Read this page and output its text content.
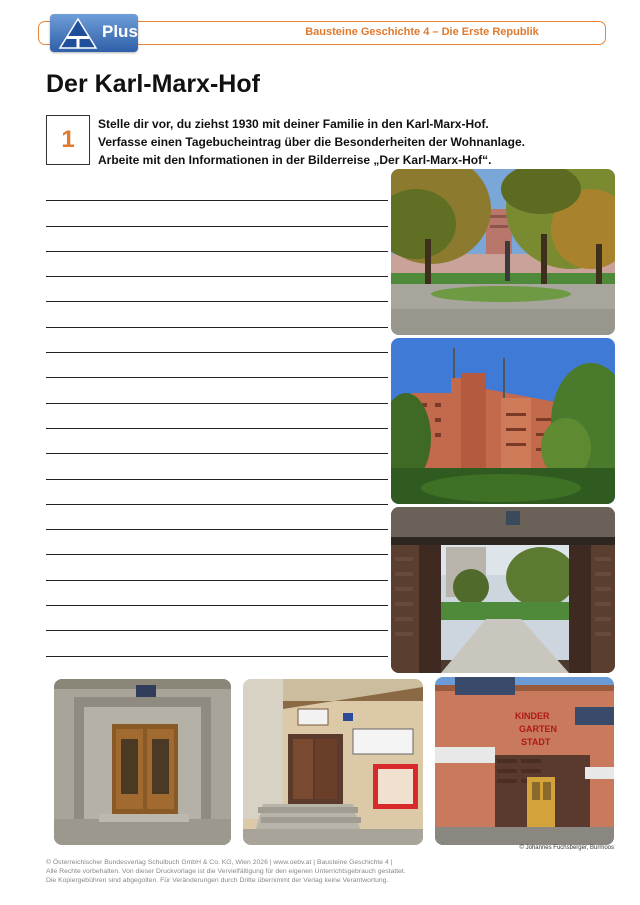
Bausteine Geschichte 4 – Die Erste Republik
Plus
Der Karl-Marx-Hof
1
Stelle dir vor, du ziehst 1930 mit deiner Familie in den Karl-Marx-Hof.
Verfasse einen Tagebucheintrag über die Besonderheiten der Wohnanlage.
Arbeite mit den Informationen in der Bilderreise „Der Karl-Marx-Hof“.
KINDER
GARTEN
STADT
© Johannes Fuchsberger, Burmoos
© Österreichischer Bundesverlag Schulbuch GmbH & Co. KG, Wien 2026 | www.oebv.at | Bausteine Geschichte 4 |
Alle Rechte vorbehalten. Von dieser Druckvorlage ist die Vervielfältigung für den eigenen Unterrichtsgebrauch gestattet.
Die Kopiergebühren sind abgegolten. Für Veränderungen durch Dritte übernimmt der Verlag keine Verantwortung.
